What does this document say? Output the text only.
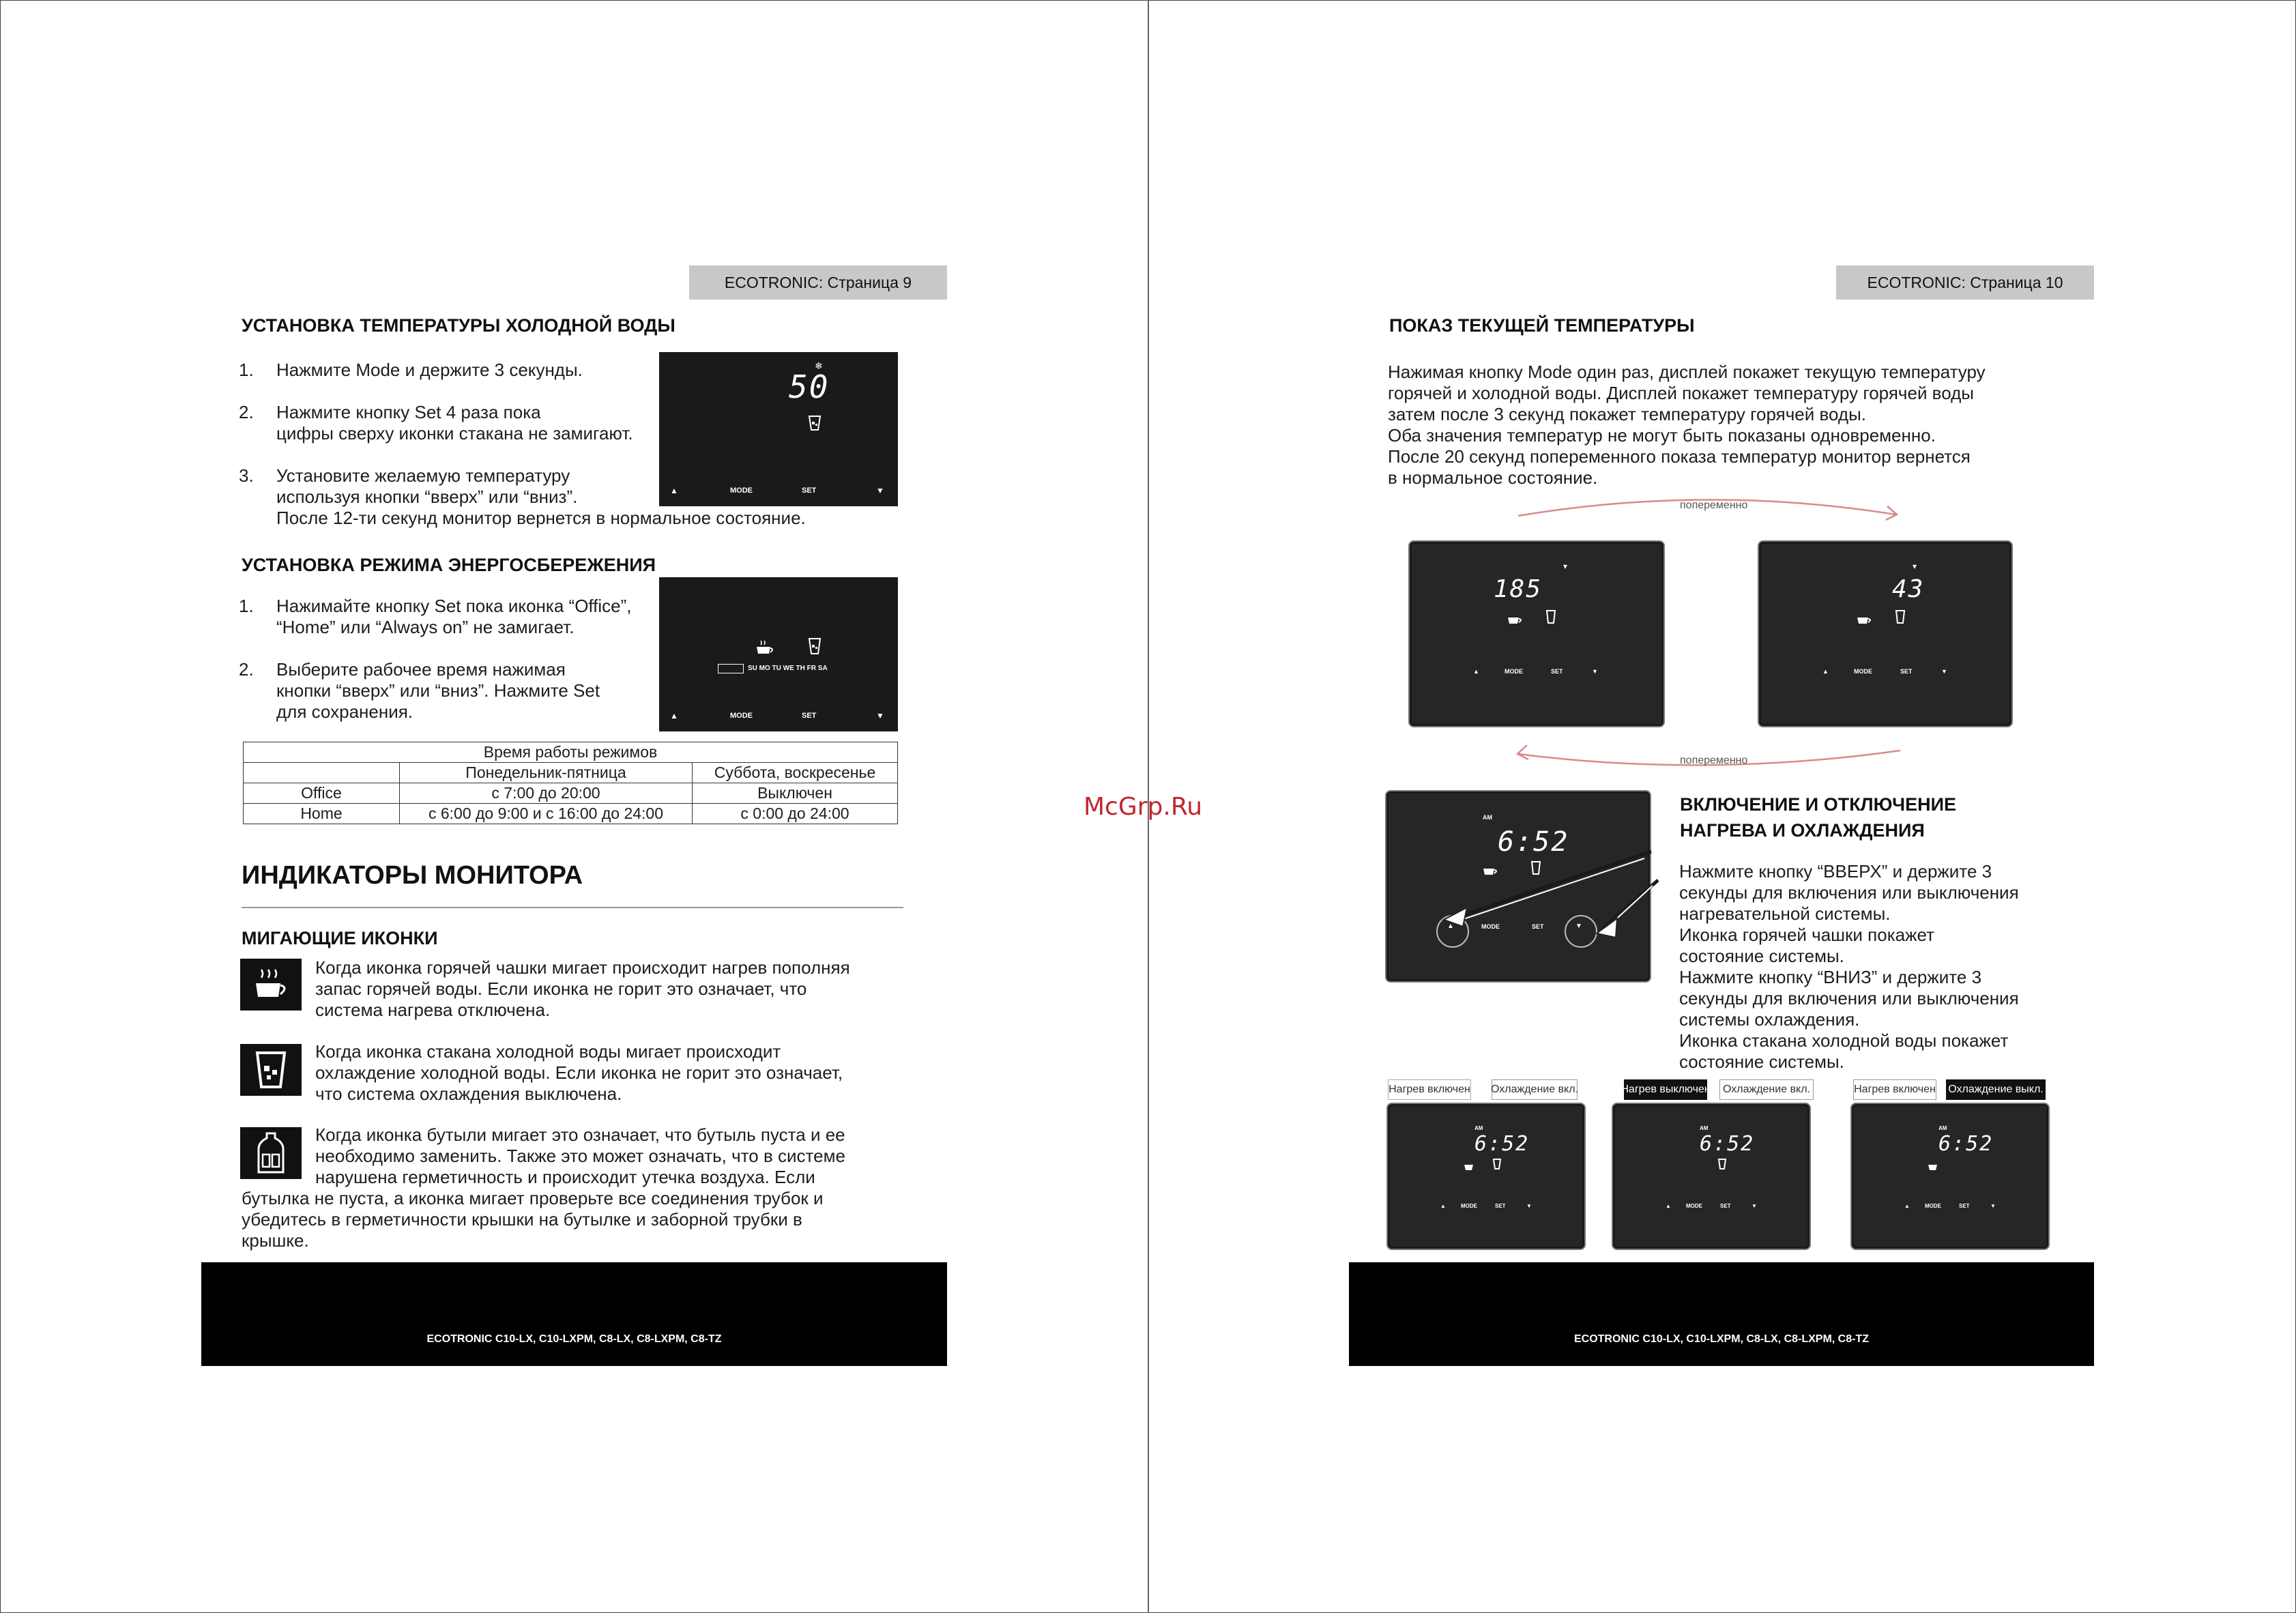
ECOTRONIC: Страница 9
УСТАНОВКА ТЕМПЕРАТУРЫ ХОЛОДНОЙ ВОДЫ
1. Нажмите Mode и держите 3 секунды.
2. Нажмите кнопку Set 4 раза пока
цифры сверху иконки стакана не замигают.
3. Установите желаемую температуру
используя кнопки “вверх” или “вниз”.
После 12-ти секунд монитор вернется в нормальное состояние.
❄
50
▲	MODE	SET	▼
УСТАНОВКА РЕЖИМА ЭНЕРГОСБЕРЕЖЕНИЯ
1. Нажимайте кнопку Set пока иконка “Office”,
“Home” или “Always on” не замигает.
2. Выберите рабочее время нажимая
кнопки “вверх” или “вниз”. Нажмите Set
для сохранения.
SU MO TU WE TH FR SA
▲	MODE	SET	▼
Время работы режимов		
	Понедельник-пятница	Суббота, воскресенье
Office	с 7:00 до 20:00	Выключен
Home	с 6:00 до 9:00 и с 16:00 до 24:00	с 0:00 до 24:00
ИНДИКАТОРЫ МОНИТОРА
МИГАЮЩИЕ ИКОНКИ
Когда иконка горячей чашки мигает происходит нагрев пополняя
запас горячей воды. Если иконка не горит это означает, что
система нагрева отключена.
Когда иконка стакана холодной воды мигает происходит
охлаждение холодной воды. Если иконка не горит это означает,
что система охлаждения выключена.
Когда иконка бутыли мигает это означает, что бутыль пуста и ее
необходимо заменить. Также это может означать, что в системе
нарушена герметичность и происходит утечка воздуха. Если
бутылка не пуста, а иконка мигает проверьте все соединения трубок и
убедитесь в герметичности крышки на бутылке и заборной трубки в
крышке.
ECOTRONIC C10-LX, C10-LXPM, C8-LX, C8-LXPM, C8-TZ
ECOTRONIC: Страница 10
ПОКАЗ ТЕКУЩЕЙ ТЕМПЕРАТУРЫ
Нажимая кнопку Mode один раз, дисплей покажет текущую температуру
горячей и холодной воды. Дисплей покажет температуру горячей воды
затем после 3 секунд покажет температуру горячей воды.
Оба значения температур не могут быть показаны одновременно.
После 20 секунд попеременного показа температур монитор вернется
в нормальное состояние.
попеременно
попеременно
▾
185
▲	MODE	SET	▼
▾
43
▲	MODE	SET	▼
AM
6:52
▲	MODE	SET	▼
ВКЛЮЧЕНИЕ И ОТКЛЮЧЕНИЕ
НАГРЕВА И ОХЛАЖДЕНИЯ
Нажмите кнопку “ВВЕРХ” и держите 3
секунды для включения или выключения
нагревательной системы.
Иконка горячей чашки покажет
состояние системы.
Нажмите кнопку “ВНИЗ” и держите 3
секунды для включения или выключения
системы охлаждения.
Иконка стакана холодной воды покажет
состояние системы.
Нагрев включен Охлаждение вкл.
AM
6:52
▲	MODE	SET	▼
Нагрев выключен	Охлаждение вкл.
AM
6:52
▲	MODE	SET	▼
Нагрев включен Охлаждение выкл.
AM
6:52
▲	MODE	SET	▼
ECOTRONIC C10-LX, C10-LXPM, C8-LX, C8-LXPM, C8-TZ
McGrp.Ru
